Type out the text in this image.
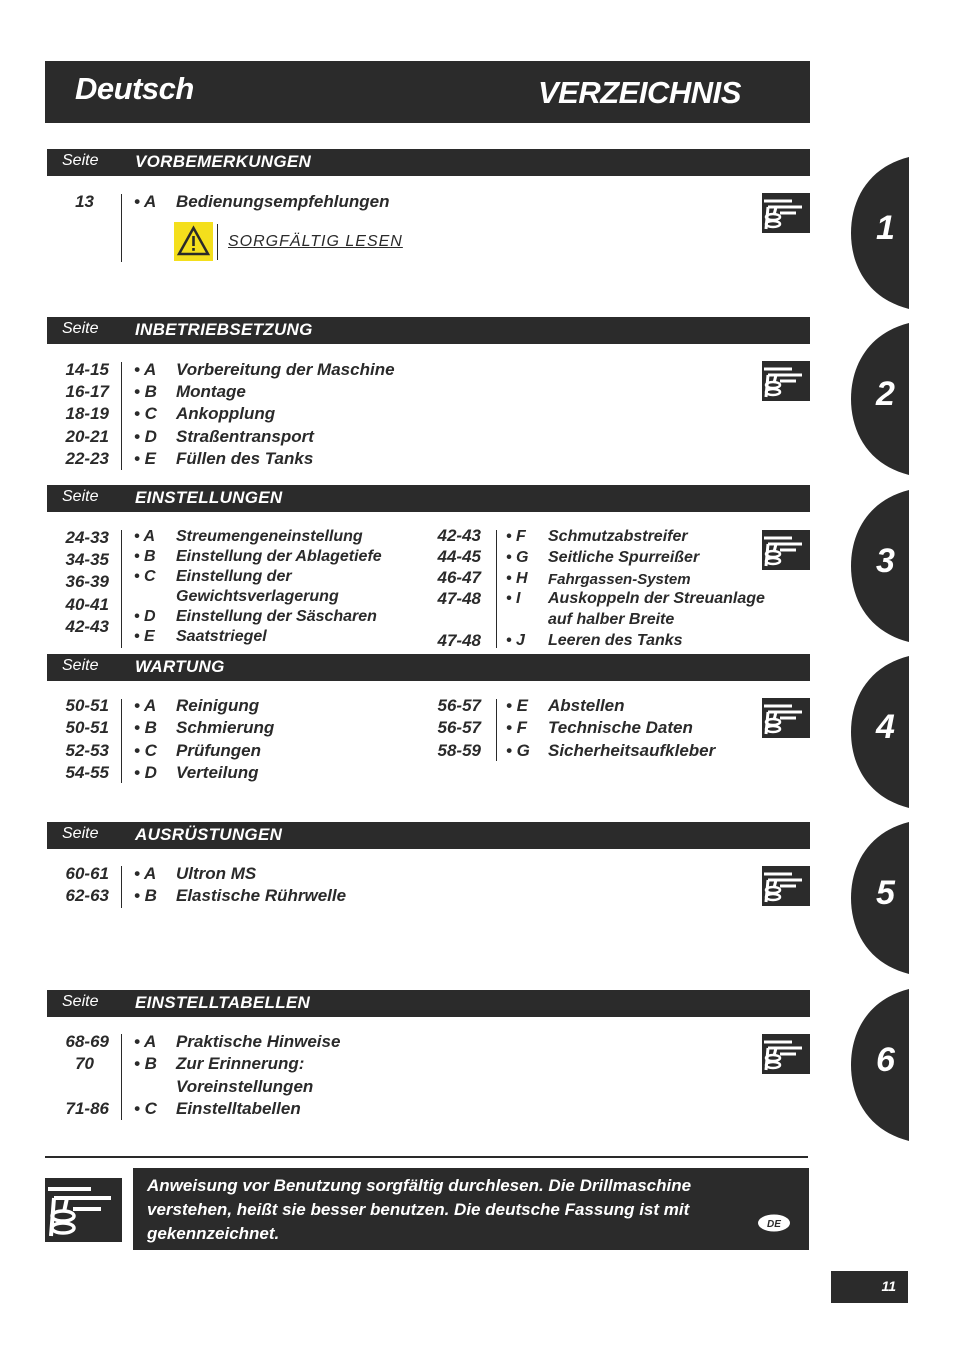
Deutsch	VERZEICHNIS
Seite VORBEMERKUNGEN
13 • A Bedienungsempfehlungen
SORGFÄLTIG LESEN
Seite INBETRIEBSETZUNG
14-15 • A Vorbereitung der Maschine
16-17 • B Montage
18-19 • C Ankopplung
20-21 • D Straßentransport
22-23 • E Füllen des Tanks
Seite EINSTELLUNGEN
24-33
34-35
36-39
40-41
42-43
• A
• B
• C
• D
• E
Streumengeneinstellung
Einstellung der Ablagetiefe
Einstellung der
Gewichtsverlagerung
Einstellung der Säscharen
Saatstriegel
42-43
44-45
46-47
47-48
47-48
• F
• G
• H
• I
• J
Schmutzabstreifer
Seitliche Spurreißer
Fahrgassen-System
Auskoppeln der Streuanlage
auf halber Breite
Leeren des Tanks
Seite WARTUNG
50-51 • A Reinigung
50-51 • B Schmierung
52-53 • C Prüfungen
54-55 • D Verteilung
56-57 • E Abstellen
56-57 • F Technische Daten
58-59 • G Sicherheitsaufkleber
Seite AUSRÜSTUNGEN
60-61 • A Ultron MS
62-63 • B Elastische Rührwelle
Seite EINSTELLTABELLEN
68-69 • A Praktische Hinweise
70 • B Zur Erinnerung:
Voreinstellungen
71-86 • C Einstelltabellen
1
2
3
4
5
6
Anweisung vor Benutzung sorgfältig durchlesen. Die Drillmaschine verstehen, heißt sie besser benutzen. Die deutsche Fassung ist mit gekennzeichnet.	DE
11
